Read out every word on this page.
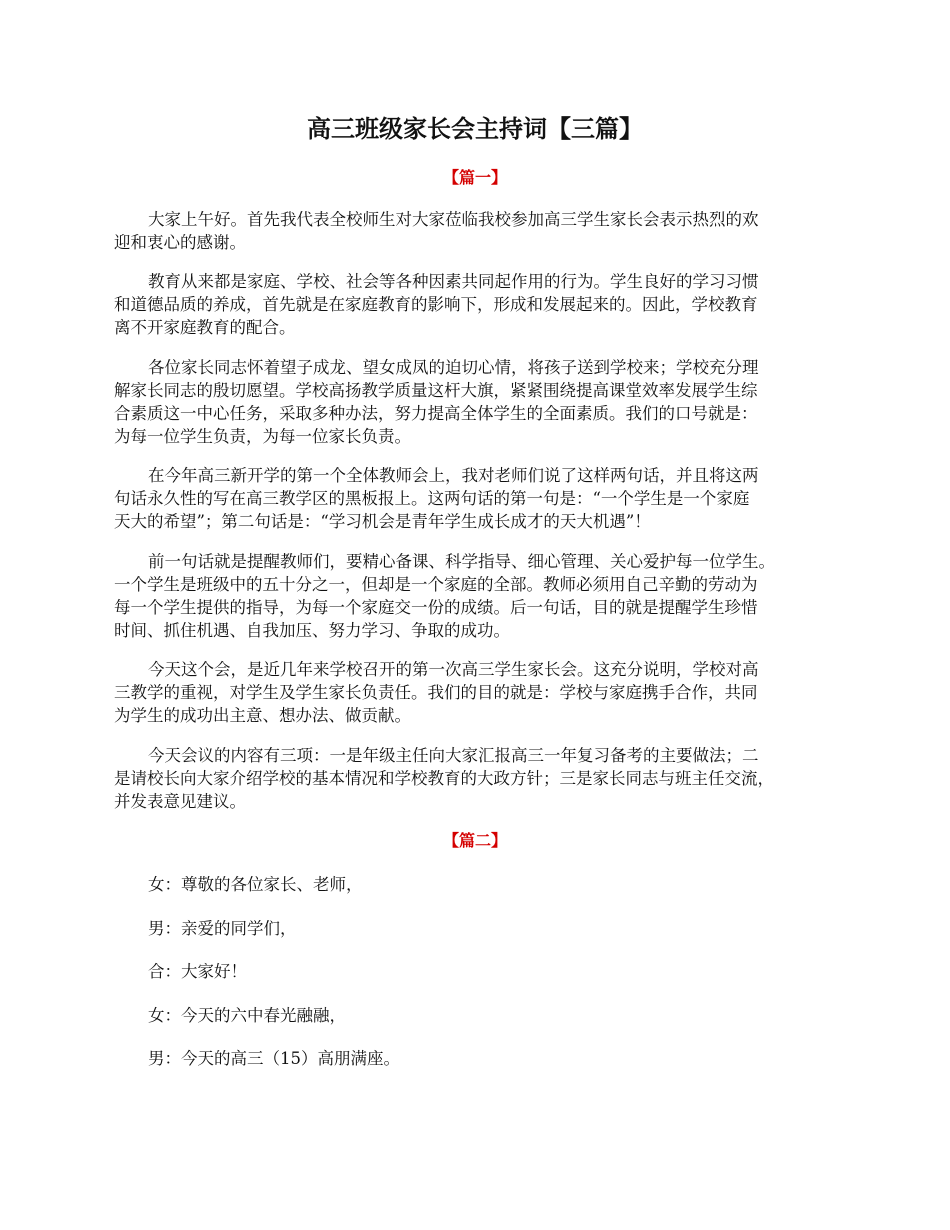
高三班级家长会主持词【三篇】
【篇一】

大家上午好。首先我代表全校师生对大家莅临我校参加高三学生家长会表示热烈的欢
迎和衷心的感谢。

教育从来都是家庭、学校、社会等各种因素共同起作用的行为。学生良好的学习习惯
和道德品质的养成，首先就是在家庭教育的影响下，形成和发展起来的。因此，学校教育
离不开家庭教育的配合。

各位家长同志怀着望子成龙、望女成凤的迫切心情，将孩子送到学校来；学校充分理
解家长同志的殷切愿望。学校高扬教学质量这杆大旗，紧紧围绕提高课堂效率发展学生综
合素质这一中心任务，采取多种办法，努力提高全体学生的全面素质。我们的口号就是：
为每一位学生负责，为每一位家长负责。

在今年高三新开学的第一个全体教师会上，我对老师们说了这样两句话，并且将这两
句话永久性的写在高三教学区的黑板报上。这两句话的第一句是：“一个学生是一个家庭
天大的希望”；第二句话是：“学习机会是青年学生成长成才的天大机遇”！

前一句话就是提醒教师们，要精心备课、科学指导、细心管理、关心爱护每一位学生。
一个学生是班级中的五十分之一，但却是一个家庭的全部。教师必须用自己辛勤的劳动为
每一个学生提供的指导，为每一个家庭交一份的成绩。后一句话，目的就是提醒学生珍惜
时间、抓住机遇、自我加压、努力学习、争取的成功。

今天这个会，是近几年来学校召开的第一次高三学生家长会。这充分说明，学校对高
三教学的重视，对学生及学生家长负责任。我们的目的就是：学校与家庭携手合作，共同
为学生的成功出主意、想办法、做贡献。

今天会议的内容有三项：一是年级主任向大家汇报高三一年复习备考的主要做法；二
是请校长向大家介绍学校的基本情况和学校教育的大政方针；三是家长同志与班主任交流，
并发表意见建议。

【篇二】
女：尊敬的各位家长、老师，
男：亲爱的同学们，
合：大家好！
女：今天的六中春光融融，
男：今天的高三（15）高朋满座。
